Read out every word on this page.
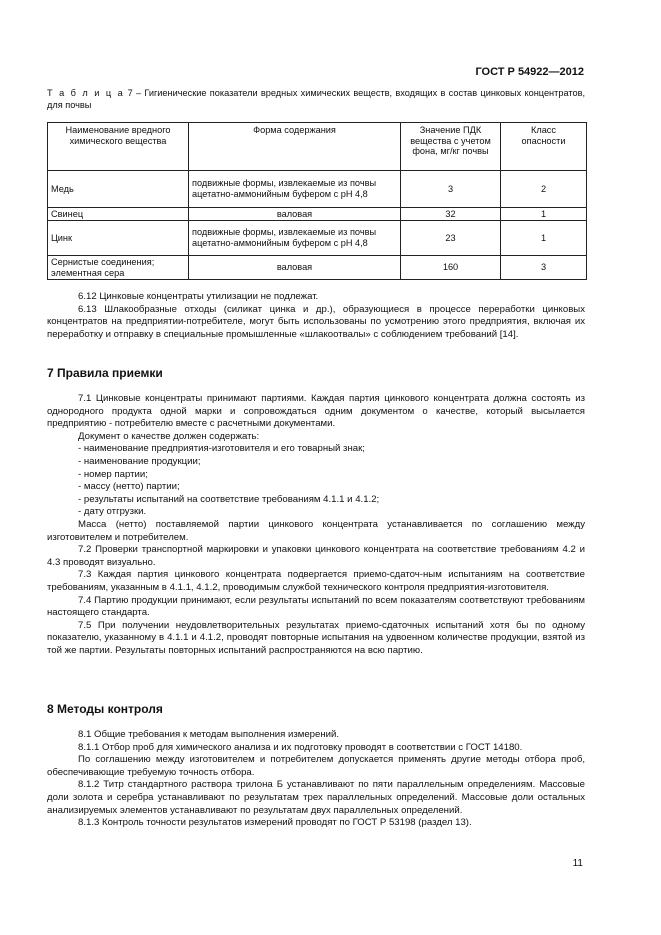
ГОСТ Р 54922—2012
Т а б л и ц а 7 – Гигиенические показатели вредных химических веществ, входящих в состав цинковых концентратов, для почвы
Наименование вредного химического вещества	Форма содержания	Значение ПДК вещества с учетом фона, мг/кг почвы	Класс опасности
Медь	подвижные формы, извлекаемые из почвы ацетатно-аммонийным буфером с рН 4,8	3	2
Свинец	валовая	32	1
Цинк	подвижные формы, извлекаемые из почвы ацетатно-аммонийным буфером с рН 4,8	23	1
Сернистые соединения; элементная сера	валовая	160	3

6.12 Цинковые концентраты утилизации не подлежат.

6.13 Шлакообразные отходы (силикат цинка и др.), образующиеся в процессе переработки цинковых концентратов на предприятии-потребителе, могут быть использованы по усмотрению этого предприятия, включая их переработку и отправку в специальные промышленные «шлакоотвалы» с соблюдением требований [14].

7 Правила приемки

7.1 Цинковые концентраты принимают партиями. Каждая партия цинкового концентрата должна состоять из однородного продукта одной марки и сопровождаться одним документом о качестве, который высылается предприятию - потребителю вместе с расчетными документами.

Документ о качестве должен содержать:

- наименование предприятия-изготовителя и его товарный знак;

- наименование продукции;

- номер партии;

- массу (нетто) партии;

- результаты испытаний на соответствие требованиям 4.1.1 и 4.1.2;

- дату отгрузки.

Масса (нетто) поставляемой партии цинкового концентрата устанавливается по соглашению между изготовителем и потребителем.

7.2 Проверки транспортной маркировки и упаковки цинкового концентрата на соответствие требованиям 4.2 и 4.3 проводят визуально.

7.3 Каждая партия цинкового концентрата подвергается приемо-сдаточ-ным испытаниям на соответствие требованиям, указанным в 4.1.1, 4.1.2, проводимым службой технического контроля предприятия-изготовителя.

7.4 Партию продукции принимают, если результаты испытаний по всем показателям соответствуют требованиям настоящего стандарта.

7.5 При получении неудовлетворительных результатах приемо-сдаточных испытаний хотя бы по одному показателю, указанному в 4.1.1 и 4.1.2, проводят повторные испытания на удвоенном количестве продукции, взятой из той же партии. Результаты повторных испытаний распространяются на всю партию.

8 Методы контроля

8.1 Общие требования к методам выполнения измерений.

8.1.1 Отбор проб для химического анализа и их подготовку проводят в соответствии с ГОСТ 14180.

По соглашению между изготовителем и потребителем допускается применять другие методы отбора проб, обеспечивающие требуемую точность отбора.

8.1.2 Титр стандартного раствора трилона Б устанавливают по пяти параллельным определениям. Массовые доли золота и серебра устанавливают по результатам трех параллельных определений. Массовые доли остальных анализируемых элементов устанавливают по результатам двух параллельных определений.

8.1.3 Контроль точности результатов измерений проводят по ГОСТ Р 53198 (раздел 13).

11
